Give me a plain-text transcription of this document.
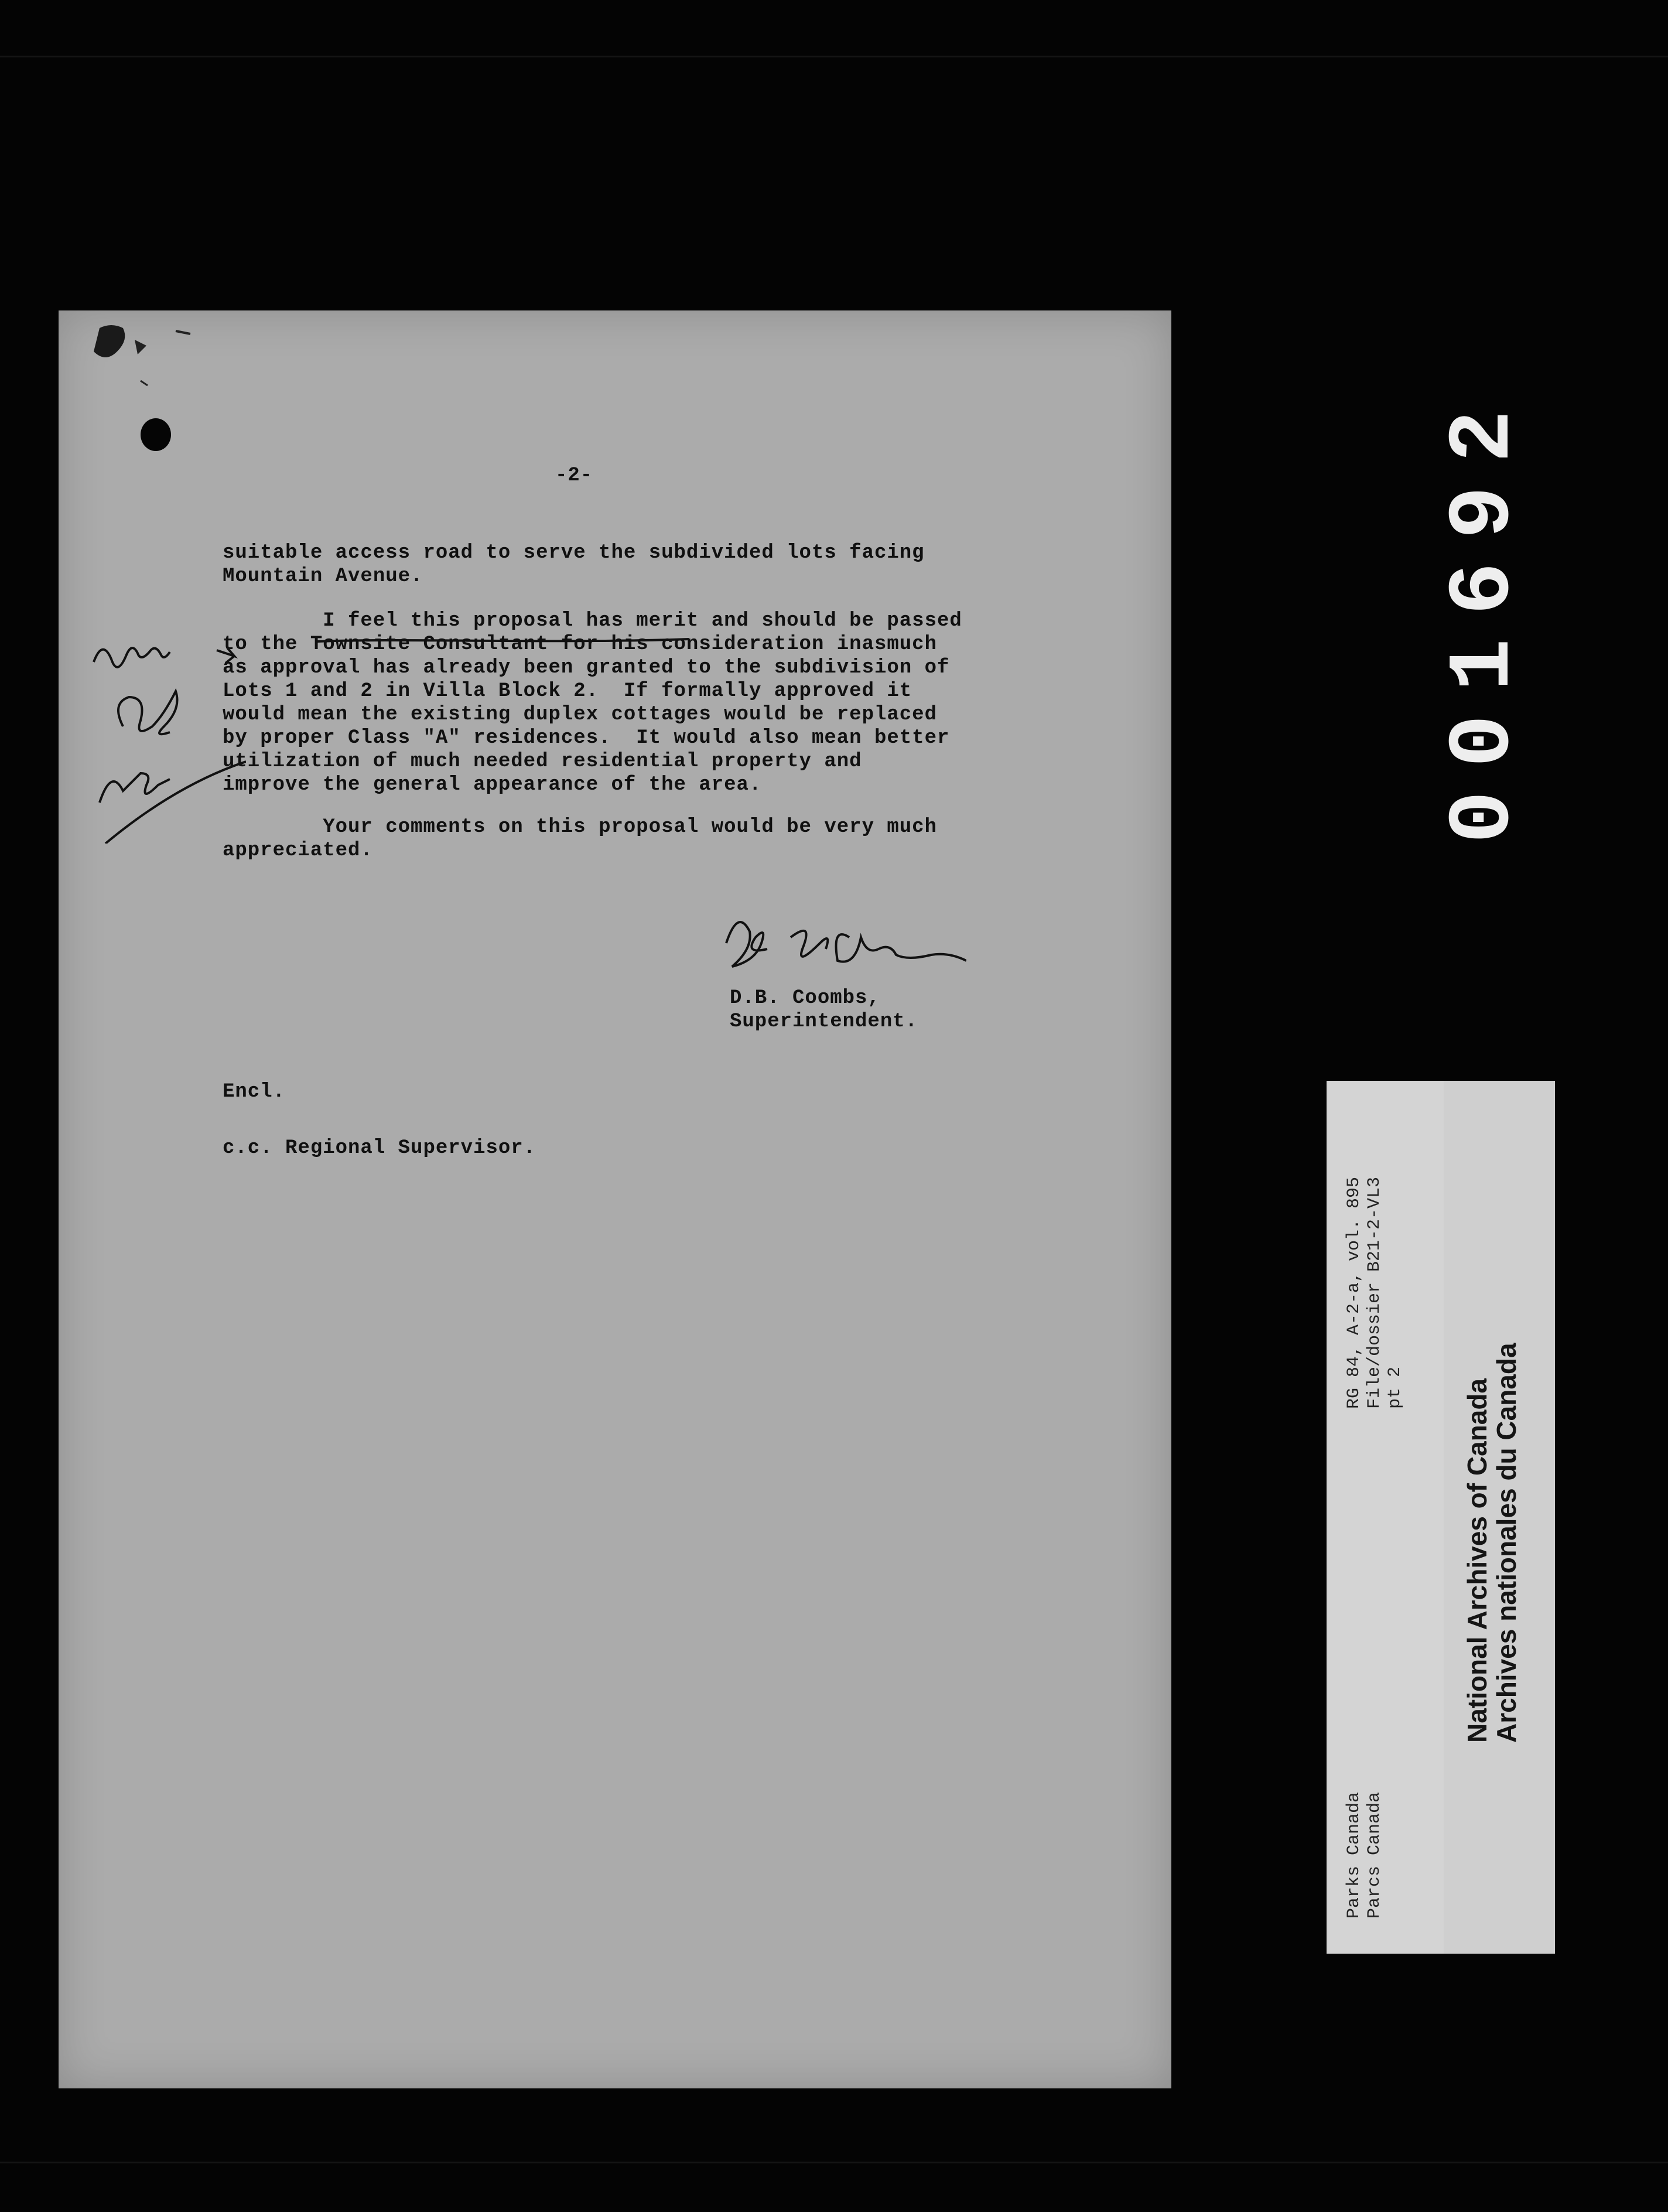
-2-
suitable access road to serve the subdivided lots facing
Mountain Avenue.
I feel this proposal has merit and should be passed
to the Townsite Consultant for his consideration inasmuch
as approval has already been granted to the subdivision of
Lots 1 and 2 in Villa Block 2.  If formally approved it
would mean the existing duplex cottages would be replaced
by proper Class "A" residences.  It would also mean better
utilization of much needed residential property and
improve the general appearance of the area.
Your comments on this proposal would be very much
appreciated.
D.B. Coombs,
Superintendent.
Encl.
c.c. Regional Supervisor.
001692
RG 84, A-2-a, vol. 895 File/dossier B21-2-VL3 pt 2
Parks Canada Parcs Canada
National Archives of Canada
Archives nationales du Canada
